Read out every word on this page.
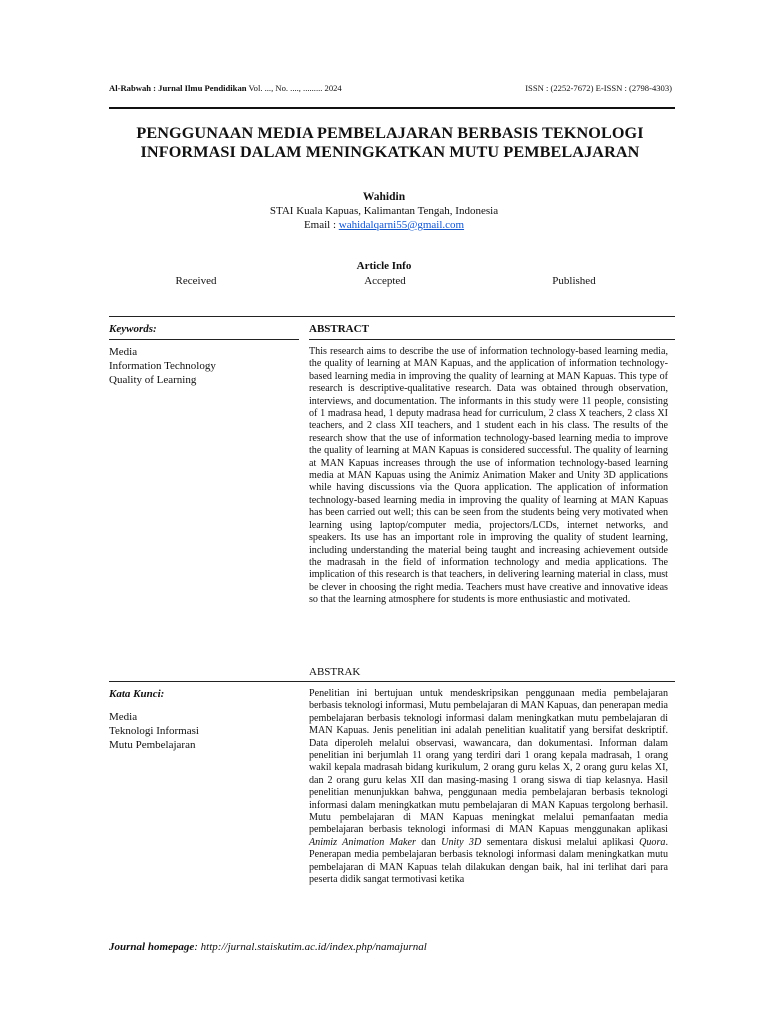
Al-Rabwah : Jurnal Ilmu Pendidikan Vol. ..., No. ...., ......... 2024	ISSN : (2252-7672) E-ISSN : (2798-4303)
PENGGUNAAN MEDIA PEMBELAJARAN BERBASIS TEKNOLOGI
INFORMASI DALAM MENINGKATKAN MUTU PEMBELAJARAN
Wahidin
STAI Kuala Kapuas, Kalimantan Tengah, Indonesia
Email : wahidalqarni55@gmail.com
Article Info
Received	Accepted	Published
Keywords:	ABSTRACT
Media
Information Technology
Quality of Learning
This research aims to describe the use of information technology-based learning media, the quality of learning at MAN Kapuas, and the application of information technology-based learning media in improving the quality of learning at MAN Kapuas. This type of research is descriptive-qualitative research. Data was obtained through observation, interviews, and documentation. The informants in this study were 11 people, consisting of 1 madrasa head, 1 deputy madrasa head for curriculum, 2 class X teachers, 2 class XI teachers, and 2 class XII teachers, and 1 student each in his class. The results of the research show that the use of information technology-based learning media to improve the quality of learning at MAN Kapuas is considered successful. The quality of learning at MAN Kapuas increases through the use of information technology-based learning media at MAN Kapuas using the Animiz Animation Maker and Unity 3D applications while having discussions via the Quora application. The application of information technology-based learning media in improving the quality of learning at MAN Kapuas has been carried out well; this can be seen from the students being very motivated when learning using laptop/computer media, projectors/LCDs, internet networks, and speakers. Its use has an important role in improving the quality of student learning, including understanding the material being taught and increasing achievement outside the madrasah in the field of information technology and media applications. The implication of this research is that teachers, in delivering learning material in class, must be clever in choosing the right media. Teachers must have creative and innovative ideas so that the learning atmosphere for students is more enthusiastic and motivated.
ABSTRAK
Kata Kunci:
Media
Teknologi Informasi
Mutu Pembelajaran
Penelitian ini bertujuan untuk mendeskripsikan penggunaan media pembelajaran berbasis teknologi informasi, Mutu pembelajaran di MAN Kapuas, dan penerapan media pembelajaran berbasis teknologi informasi dalam meningkatkan mutu pembelajaran di MAN Kapuas. Jenis penelitian ini adalah penelitian kualitatif yang bersifat deskriptif. Data diperoleh melalui observasi, wawancara, dan dokumentasi. Informan dalam penelitian ini berjumlah 11 orang yang terdiri dari 1 orang kepala madrasah, 1 orang wakil kepala madrasah bidang kurikulum, 2 orang guru kelas X, 2 orang guru kelas XI, dan 2 orang guru kelas XII dan masing-masing 1 orang siswa di tiap kelasnya. Hasil penelitian menunjukkan bahwa, penggunaan media pembelajaran berbasis teknologi informasi dalam meningkatkan mutu pembelajaran di MAN Kapuas tergolong berhasil. Mutu pembelajaran di MAN Kapuas meningkat melalui pemanfaatan media pembelajaran berbasis teknologi informasi di MAN Kapuas menggunakan aplikasi Animiz Animation Maker dan Unity 3D sementara diskusi melalui aplikasi Quora. Penerapan media pembelajaran berbasis teknologi informasi dalam meningkatkan mutu pembelajaran di MAN Kapuas telah dilakukan dengan baik, hal ini terlihat dari para peserta didik sangat termotivasi ketika
Journal homepage: http://jurnal.staiskutim.ac.id/index.php/namajurnal
